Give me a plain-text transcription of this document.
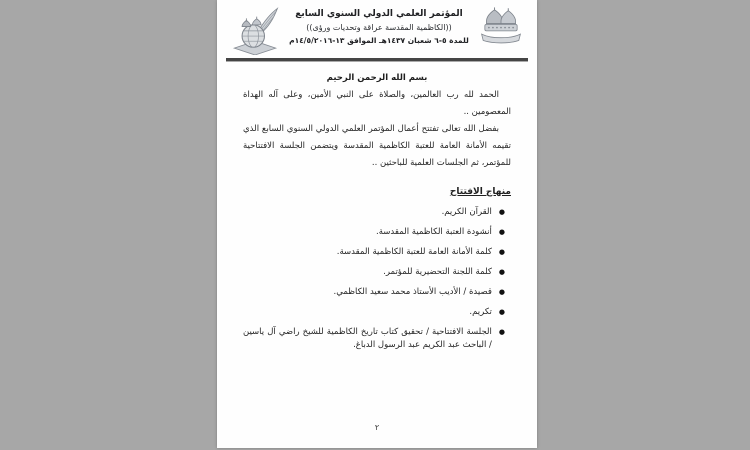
المؤتمر العلمي الدولي السنوي السابع
((الكاظمية المقدسة عراقة وتحديات ورؤى))
للمدة ٥-٦ شعبان ١٤٣٧هـ الموافق ١٣-١٤/٥/٢٠١٦م
بسم الله الرحمن الرحيم

الحمد لله رب العالمين، والصلاة على النبي الأمين، وعلى آله الهداة المعصومين ..

بفضل الله تعالى تفتتح أعمال المؤتمر العلمي الدولي السنوي السابع الذي تقيمه الأمانة العامة للعتبة الكاظمية المقدسة ويتضمن الجلسة الافتتاحية للمؤتمر، ثم الجلسات العلمية للباحثين ..

منهاج الافتتاح
●
القرآن الكريم.
●
أنشودة العتبة الكاظمية المقدسة.
●
كلمة الأمانة العامة للعتبة الكاظمية المقدسة.
●
كلمة اللجنة التحضيرية للمؤتمر.
●
قصيدة / الأديب الأستاذ محمد سعيد الكاظمي.
●
تكريم.
●
الجلسة الافتتاحية / تحقيق كتاب تاريخ الكاظمية للشيخ راضي آل ياسين / الباحث عبد الكريم عبد الرسول الدباغ.
٢
